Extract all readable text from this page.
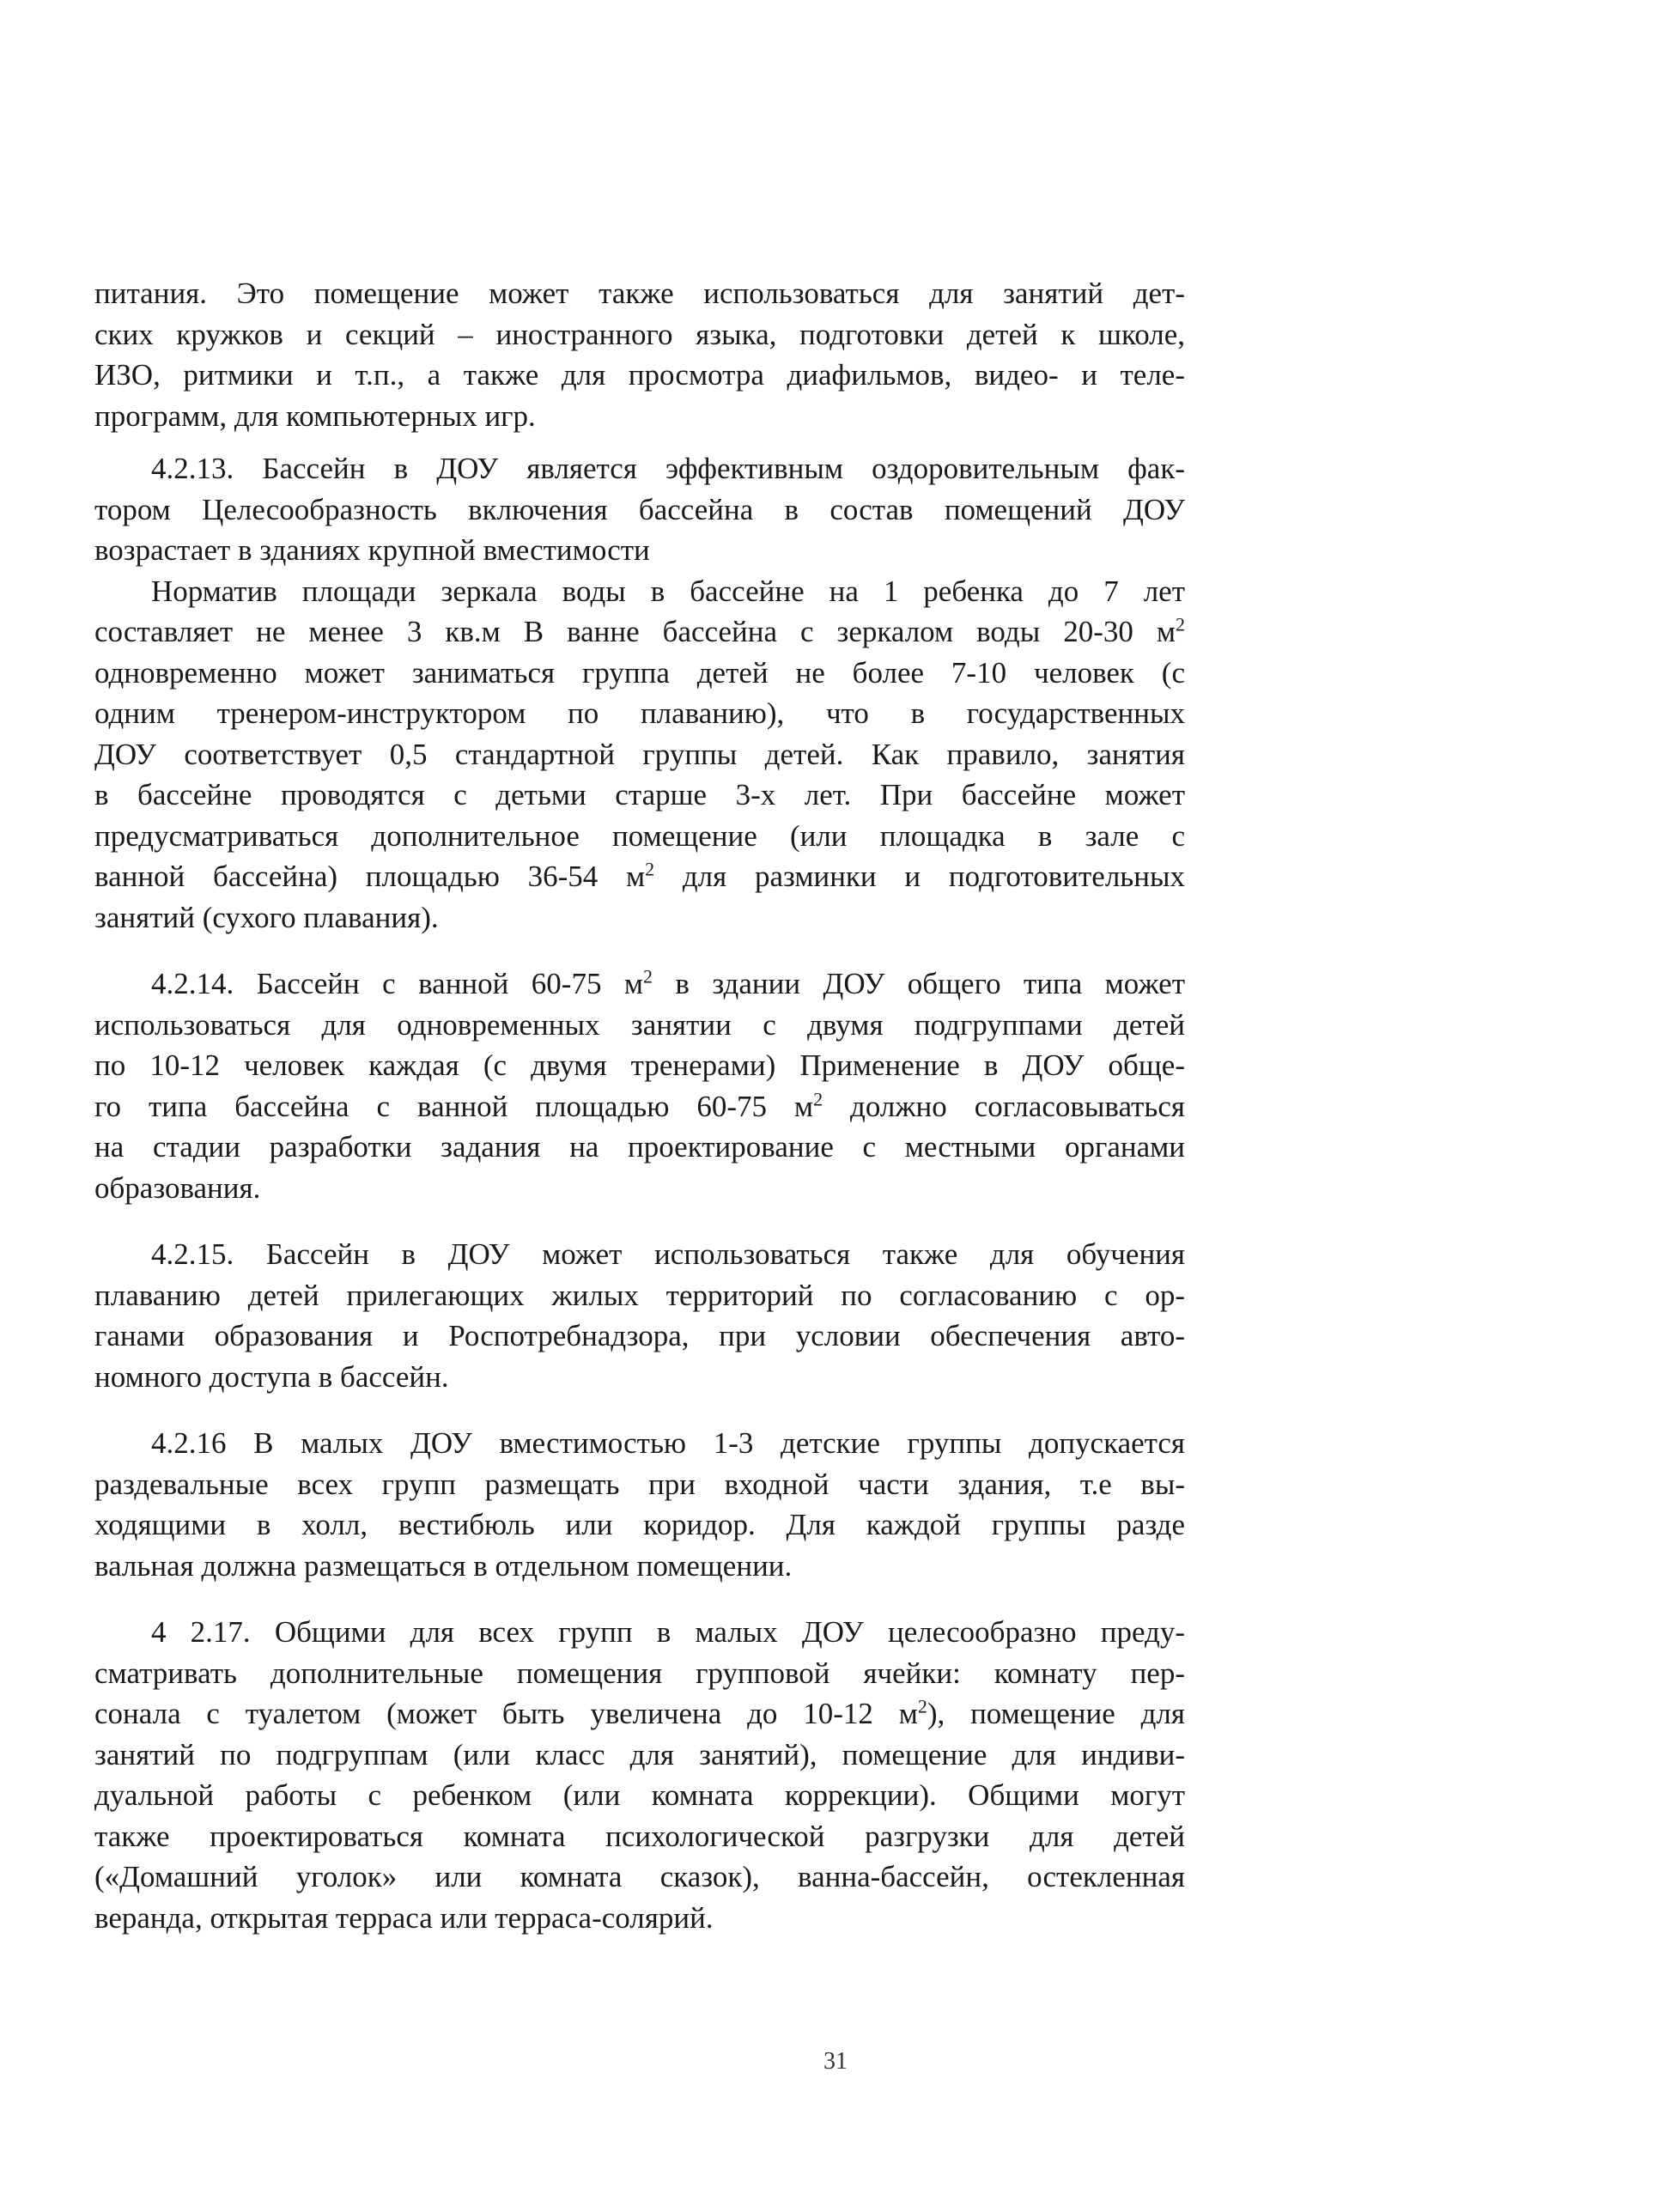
питания. Это помещение может также использоваться для занятий дет-
ских кружков и секций – иностранного языка, подготовки детей к школе,
ИЗО, ритмики и т.п., а также для просмотра диафильмов, видео- и теле-
программ, для компьютерных игр.

4.2.13. Бассейн в ДОУ является эффективным оздоровительным фак-
тором Целесообразность включения бассейна в состав помещений ДОУ
возрастает в зданиях крупной вместимости

Норматив площади зеркала воды в бассейне на 1 ребенка до 7 лет
составляет не менее 3 кв.м В ванне бассейна с зеркалом воды 20-30 $м^2$
одновременно может заниматься группа детей не более 7-10 человек (с
одним тренером-инструктором по плаванию), что в государственных
ДОУ соответствует 0,5 стандартной группы детей. Как правило, занятия
в бассейне проводятся с детьми старше 3-х лет. При бассейне может
предусматриваться дополнительное помещение (или площадка в зале с
ванной бассейна) площадью 36-54 $м^2$ для разминки и подготовительных
занятий (сухого плавания).

4.2.14. Бассейн с ванной 60-75 $м^2$ в здании ДОУ общего типа может
использоваться для одновременных занятии с двумя подгруппами детей
по 10-12 человек каждая (с двумя тренерами) Применение в ДОУ обще-
го типа бассейна с ванной площадью 60-75 $м^2$ должно согласовываться
на стадии разработки задания на проектирование с местными органами
образования.

4.2.15. Бассейн в ДОУ может использоваться также для обучения
плаванию детей прилегающих жилых территорий по согласованию с ор-
ганами образования и Роспотребнадзора, при условии обеспечения авто-
номного доступа в бассейн.

4.2.16 В малых ДОУ вместимостью 1-3 детские группы допускается
раздевальные всех групп размещать при входной части здания, т.е вы-
ходящими в холл, вестибюль или коридор. Для каждой группы разде
вальная должна размещаться в отдельном помещении.

4 2.17. Общими для всех групп в малых ДОУ целесообразно преду-
сматривать дополнительные помещения групповой ячейки: комнату пер-
сонала с туалетом (может быть увеличена до 10-12 $м^2$), помещение для
занятий по подгруппам (или класс для занятий), помещение для индиви-
дуальной работы с ребенком (или комната коррекции). Общими могут
также проектироваться комната психологической разгрузки для детей
(«Домашний уголок» или комната сказок), ванна-бассейн, остекленная
веранда, открытая терраса или терраса-солярий.

31
